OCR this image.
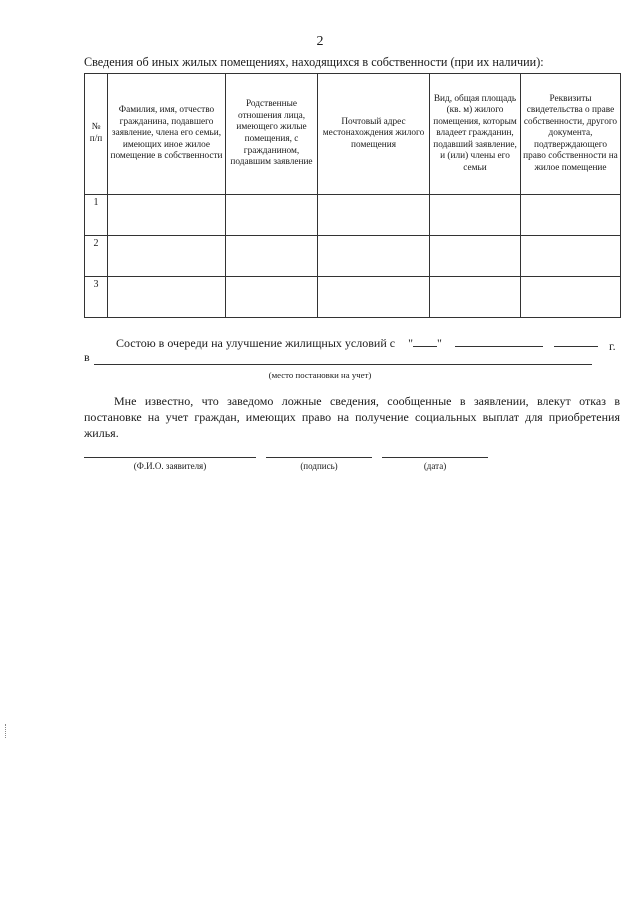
2
Сведения об иных жилых помещениях, находящихся в собственности (при их наличии):
№ п/п	Фамилия, имя, отчество гражданина, подавшего заявление, члена его семьи, имеющих иное жилое помещение в собственности	Родственные отношения лица, имеющего жилые помещения, с гражданином, подавшим заявление	Почтовый адрес местонахождения жилого помещения	Вид, общая площадь (кв. м) жилого помещения, которым владеет гражданин, подавший заявление, и (или) члены его семьи	Реквизиты свидетельства о праве собственности, другого документа, подтверждающего право собственности на жилое помещение
1					
2					
3					
Состою в очереди на улучшение жилищных условий с " "	г.
в
(место постановки на учет)
Мне известно, что заведомо ложные сведения, сообщенные в заявлении, влекут отказ в постановке на учет граждан, имеющих право на получение социальных выплат для приобретения жилья.
(Ф.И.О. заявителя)	(подпись)	(дата)
